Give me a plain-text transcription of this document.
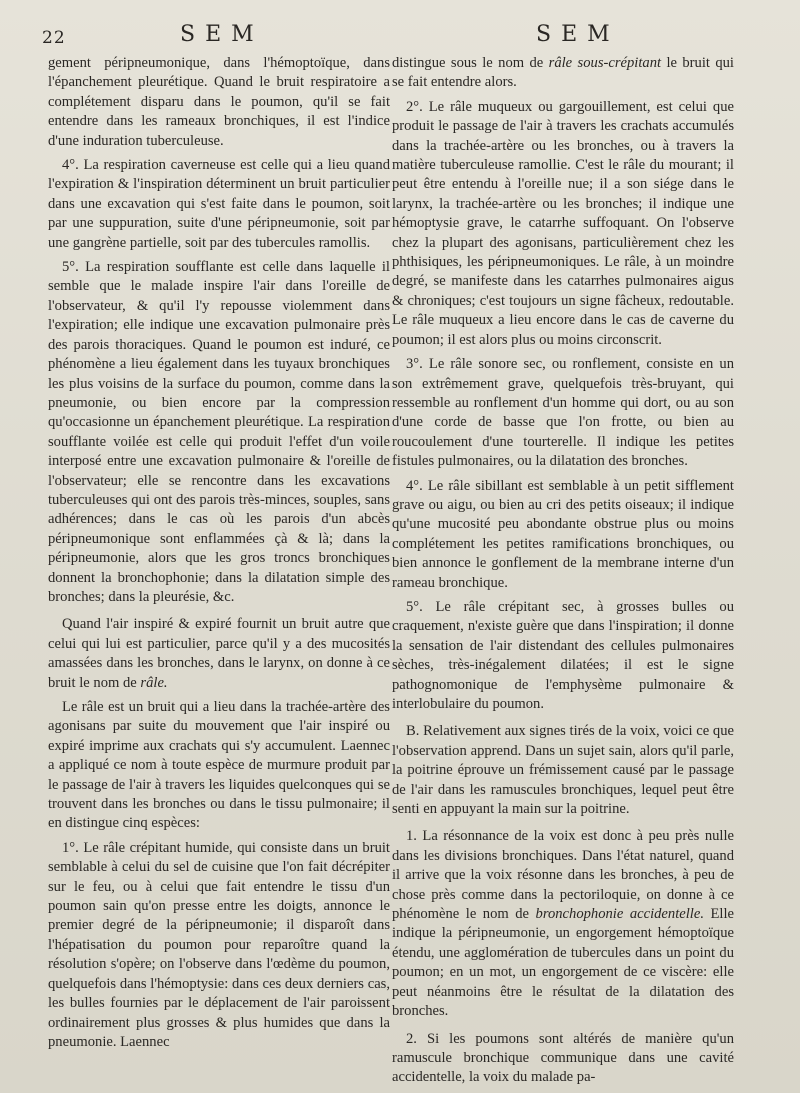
22	SEM	SEM

gement péripneumonique, dans l'hémoptoïque, dans l'épanchement pleurétique. Quand le bruit respiratoire a complétement disparu dans le poumon, qu'il se fait entendre dans les rameaux bronchiques, il est l'indice d'une induration tuberculeuse.

4°. La respiration caverneuse est celle qui a lieu quand l'expiration & l'inspiration déterminent un bruit particulier dans une excavation qui s'est faite dans le poumon, soit par une suppuration, suite d'une péripneumonie, soit par une gangrène partielle, soit par des tubercules ramollis.

5°. La respiration soufflante est celle dans laquelle il semble que le malade inspire l'air dans l'oreille de l'observateur, & qu'il l'y repousse violemment dans l'expiration; elle indique une excavation pulmonaire près des parois thoraciques. Quand le poumon est induré, ce phénomène a lieu également dans les tuyaux bronchiques les plus voisins de la surface du poumon, comme dans la pneumonie, ou bien encore par la compression qu'occasionne un épanchement pleurétique. La respiration soufflante voilée est celle qui produit l'effet d'un voile interposé entre une excavation pulmonaire & l'oreille de l'observateur; elle se rencontre dans les excavations tuberculeuses qui ont des parois très-minces, souples, sans adhérences; dans le cas où les parois d'un abcès péripneumonique sont enflammées çà & là; dans la péripneumonie, alors que les gros troncs bronchiques donnent la bronchophonie; dans la dilatation simple des bronches; dans la pleurésie, &c.

Quand l'air inspiré & expiré fournit un bruit autre que celui qui lui est particulier, parce qu'il y a des mucosités amassées dans les bronches, dans le larynx, on donne à ce bruit le nom de râle.

Le râle est un bruit qui a lieu dans la trachée-artère des agonisans par suite du mouvement que l'air inspiré ou expiré imprime aux crachats qui s'y accumulent. Laennec a appliqué ce nom à toute espèce de murmure produit par le passage de l'air à travers les liquides quelconques qui se trouvent dans les bronches ou dans le tissu pulmonaire; il en distingue cinq espèces:

1°. Le râle crépitant humide, qui consiste dans un bruit semblable à celui du sel de cuisine que l'on fait décrépiter sur le feu, ou à celui que fait entendre le tissu d'un poumon sain qu'on presse entre les doigts, annonce le premier degré de la péripneumonie; il disparoît dans l'hépatisation du poumon pour reparoître quand la résolution s'opère; on l'observe dans l'œdème du poumon, quelquefois dans l'hémoptysie: dans ces deux derniers cas, les bulles fournies par le déplacement de l'air paroissent ordinairement plus grosses & plus humides que dans la pneumonie. Laennec

distingue sous le nom de râle sous-crépitant le bruit qui se fait entendre alors.

2°. Le râle muqueux ou gargouillement, est celui que produit le passage de l'air à travers les crachats accumulés dans la trachée-artère ou les bronches, ou à travers la matière tuberculeuse ramollie. C'est le râle du mourant; il peut être entendu à l'oreille nue; il a son siége dans le larynx, la trachée-artère ou les bronches; il indique une hémoptysie grave, le catarrhe suffoquant. On l'observe chez la plupart des agonisans, particulièrement chez les phthisiques, les péripneumoniques. Le râle, à un moindre degré, se manifeste dans les catarrhes pulmonaires aigus & chroniques; c'est toujours un signe fâcheux, redoutable. Le râle muqueux a lieu encore dans le cas de caverne du poumon; il est alors plus ou moins circonscrit.

3°. Le râle sonore sec, ou ronflement, consiste en un son extrêmement grave, quelquefois très-bruyant, qui ressemble au ronflement d'un homme qui dort, ou au son d'une corde de basse que l'on frotte, ou bien au roucoulement d'une tourterelle. Il indique les petites fistules pulmonaires, ou la dilatation des bronches.

4°. Le râle sibillant est semblable à un petit sifflement grave ou aigu, ou bien au cri des petits oiseaux; il indique qu'une mucosité peu abondante obstrue plus ou moins complétement les petites ramifications bronchiques, ou bien annonce le gonflement de la membrane interne d'un rameau bronchique.

5°. Le râle crépitant sec, à grosses bulles ou craquement, n'existe guère que dans l'inspiration; il donne la sensation de l'air distendant des cellules pulmonaires sèches, très-inégalement dilatées; il est le signe pathognomonique de l'emphysème pulmonaire & interlobulaire du poumon.

B. Relativement aux signes tirés de la voix, voici ce que l'observation apprend. Dans un sujet sain, alors qu'il parle, la poitrine éprouve un frémissement causé par le passage de l'air dans les ramuscules bronchiques, lequel peut être senti en appuyant la main sur la poitrine.

1. La résonnance de la voix est donc à peu près nulle dans les divisions bronchiques. Dans l'état naturel, quand il arrive que la voix résonne dans les bronches, à peu de chose près comme dans la pectoriloquie, on donne à ce phénomène le nom de bronchophonie accidentelle. Elle indique la péripneumonie, un engorgement hémoptoïque étendu, une agglomération de tubercules dans un point du poumon; en un mot, un engorgement de ce viscère: elle peut néanmoins être le résultat de la dilatation des bronches.

2. Si les poumons sont altérés de manière qu'un ramuscule bronchique communique dans une cavité accidentelle, la voix du malade pa-
